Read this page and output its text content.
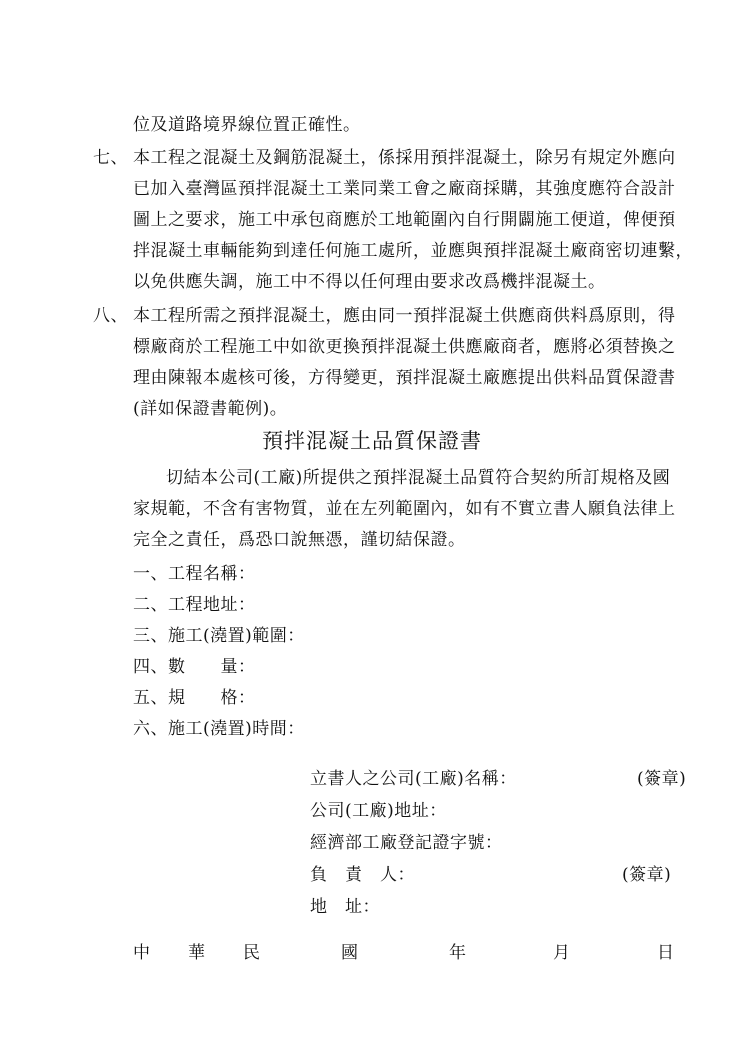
位及道路境界線位置正確性。
七、 本工程之混凝土及鋼筋混凝土，係採用預拌混凝土，除另有規定外應向
已加入臺灣區預拌混凝土工業同業工會之廠商採購，其強度應符合設計
圖上之要求，施工中承包商應於工地範圍內自行開闢施工便道，俾便預
拌混凝土車輛能夠到達任何施工處所，並應與預拌混凝土廠商密切連繫，
以免供應失調，施工中不得以任何理由要求改爲機拌混凝土。
八、 本工程所需之預拌混凝土，應由同一預拌混凝土供應商供料爲原則，得
標廠商於工程施工中如欲更換預拌混凝土供應廠商者，應將必須替換之
理由陳報本處核可後，方得變更，預拌混凝土廠應提出供料品質保證書
(詳如保證書範例)。
預拌混凝土品質保證書
切結本公司(工廠)所提供之預拌混凝土品質符合契約所訂規格及國
家規範，不含有害物質，並在左列範圍內，如有不實立書人願負法律上
完全之責任，爲恐口說無憑，謹切結保證。
一、工程名稱：
二、工程地址：
三、施工(澆置)範圍：
四、數　　量：
五、規　　格：
六、施工(澆置)時間：
立書人之公司(工廠)名稱：	(簽章)
公司(工廠)地址：
經濟部工廠登記證字號：
負　責　人：	(簽章)
地　址：
中 華 民	國	年	月	日
